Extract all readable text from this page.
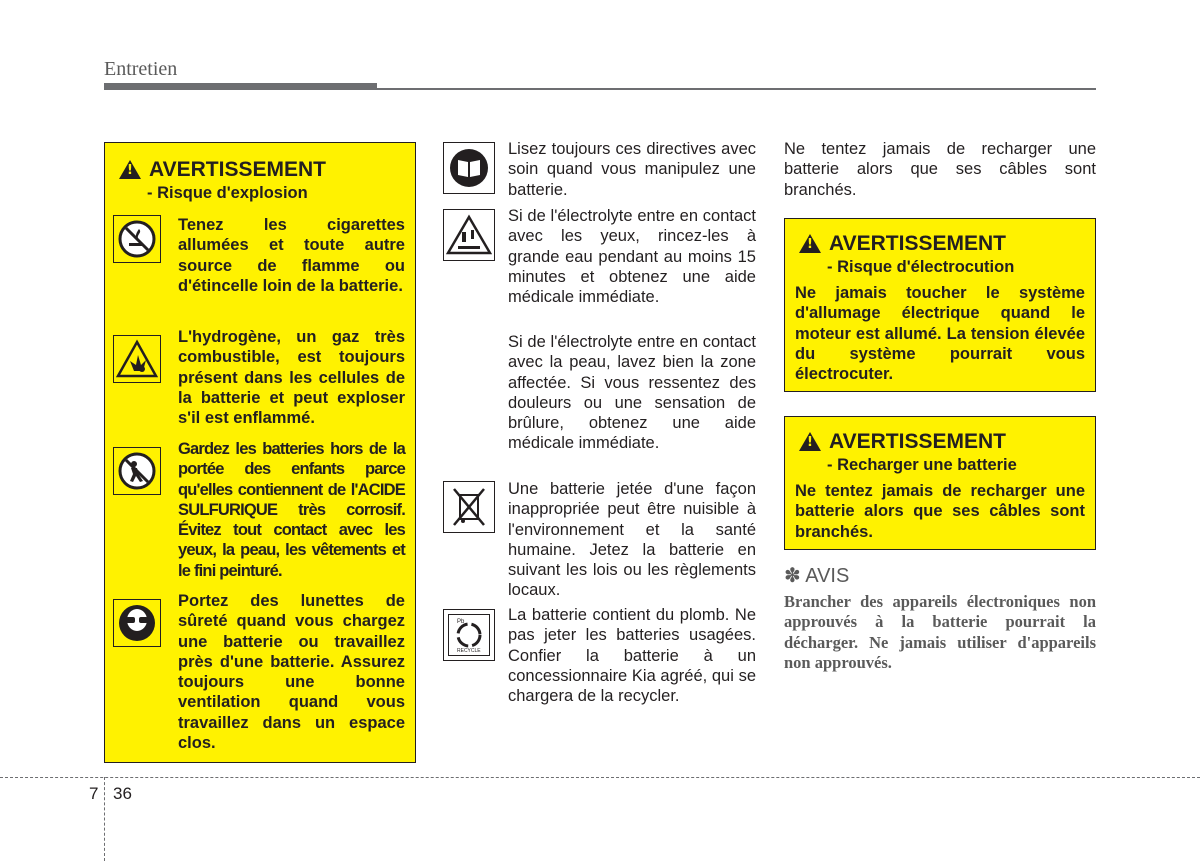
Entretien
!
AVERTISSEMENT
- Risque d'explosion
Tenez les cigarettes allumées et toute autre source de flamme ou d'étincelle loin de la batterie.
L'hydrogène, un gaz très combustible, est toujours présent dans les cellules de la batterie et peut exploser s'il est enflammé.
Gardez les batteries hors de la portée des enfants parce qu'elles contiennent de l'ACIDE SULFURIQUE très corrosif. Évitez tout contact avec les yeux, la peau, les vêtements et le fini peinturé.
Portez des lunettes de sûreté quand vous chargez une batterie ou travaillez près d'une batterie. Assurez toujours une bonne ventilation quand vous travaillez dans un espace clos.
Lisez toujours ces directives avec soin quand vous manipulez une batterie.
Si de l'électrolyte entre en contact avec les yeux, rincez-les à grande eau pendant au moins 15 minutes et obtenez une aide médicale immédiate.
Si de l'électrolyte entre en contact avec la peau, lavez bien la zone affectée. Si vous ressentez des douleurs ou une sensation de brûlure, obtenez une aide médicale immédiate.
Une batterie jetée d'une façon inappropriée peut être nuisible à l'environnement et la santé humaine. Jetez la batterie en suivant les lois ou les règlements locaux.
Pb
RECYCLE
La batterie contient du plomb. Ne pas jeter les batteries usagées. Confier la batterie à un concessionnaire Kia agréé, qui se chargera de la recycler.
Ne tentez jamais de recharger une batterie alors que ses câbles sont branchés.
!
AVERTISSEMENT
- Risque d'électrocution
Ne jamais toucher le système d'allumage électrique quand le moteur est allumé. La tension élevée du système pourrait vous électrocuter.
!
AVERTISSEMENT
- Recharger une batterie
Ne tentez jamais de recharger une batterie alors que ses câbles sont branchés.
✽ AVIS
Brancher des appareils électroniques non approuvés à la batterie pourrait la décharger. Ne jamais utiliser d'appareils non approuvés.
7 36
